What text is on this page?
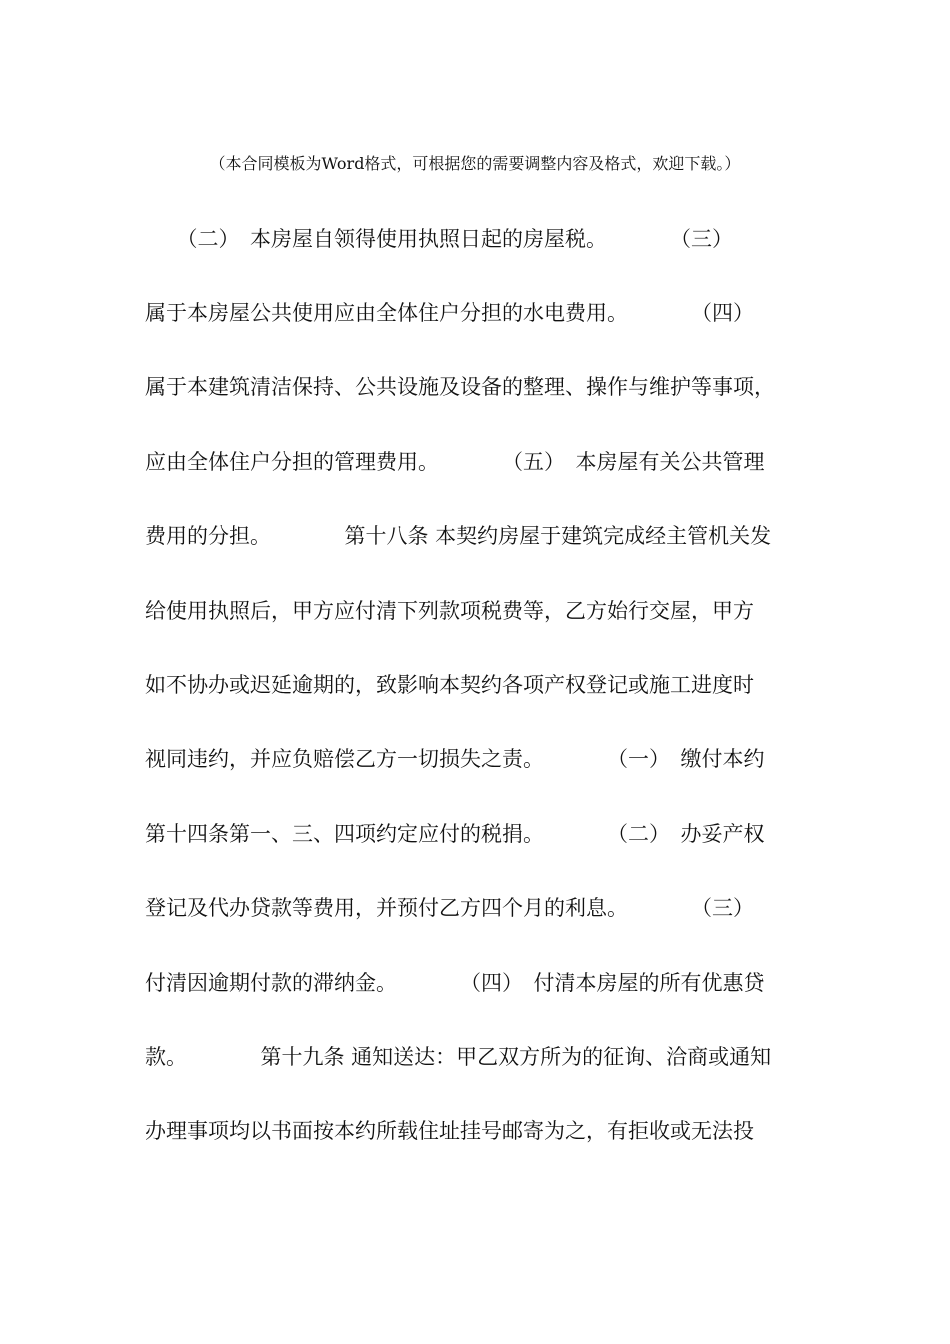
（本合同模板为Word格式，可根据您的需要调整内容及格式，欢迎下载。）
　　（二）　本房屋自领得使用执照日起的房屋税。　　　　（三）
属于本房屋公共使用应由全体住户分担的水电费用。　　　　（四）
属于本建筑清洁保持、公共设施及设备的整理、操作与维护等事项，
应由全体住户分担的管理费用。　　　　（五）　本房屋有关公共管理
费用的分担。　　　　第十八条 本契约房屋于建筑完成经主管机关发
给使用执照后，甲方应付清下列款项税费等，乙方始行交屋，甲方
如不协办或迟延逾期的，致影响本契约各项产权登记或施工进度时
视同违约，并应负赔偿乙方一切损失之责。　　　　（一）　缴付本约
第十四条第一、三、四项约定应付的税捐。　　　　（二）　办妥产权
登记及代办贷款等费用，并预付乙方四个月的利息。　　　　（三）
付清因逾期付款的滞纳金。　　　　（四）　付清本房屋的所有优惠贷
款。　　　　第十九条 通知送达：甲乙双方所为的征询、洽商或通知
办理事项均以书面按本约所载住址挂号邮寄为之，有拒收或无法投
